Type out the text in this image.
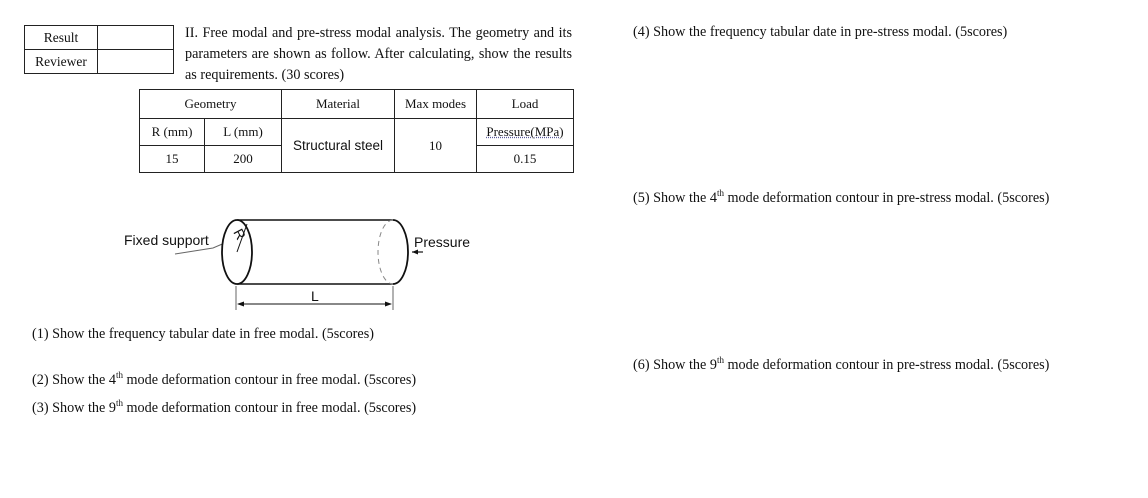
Result	
Reviewer	
II. Free modal and pre-stress modal analysis. The geometry and its parameters are shown as follow. After calculating, show the results as requirements. (30 scores)
Geometry		Material	Max modes	Load
R (mm)	L (mm)	Structural steel	10	Pressure(MPa)
15	200			0.15
Fixed support R	Pressure
L
(1) Show the frequency tabular date in free modal. (5scores)
(2) Show the 4th mode deformation contour in free modal. (5scores)
(3) Show the 9th mode deformation contour in free modal. (5scores)
(4) Show the frequency tabular date in pre-stress modal. (5scores)
(5) Show the 4th mode deformation contour in pre-stress modal. (5scores)
(6) Show the 9th mode deformation contour in pre-stress modal. (5scores)
